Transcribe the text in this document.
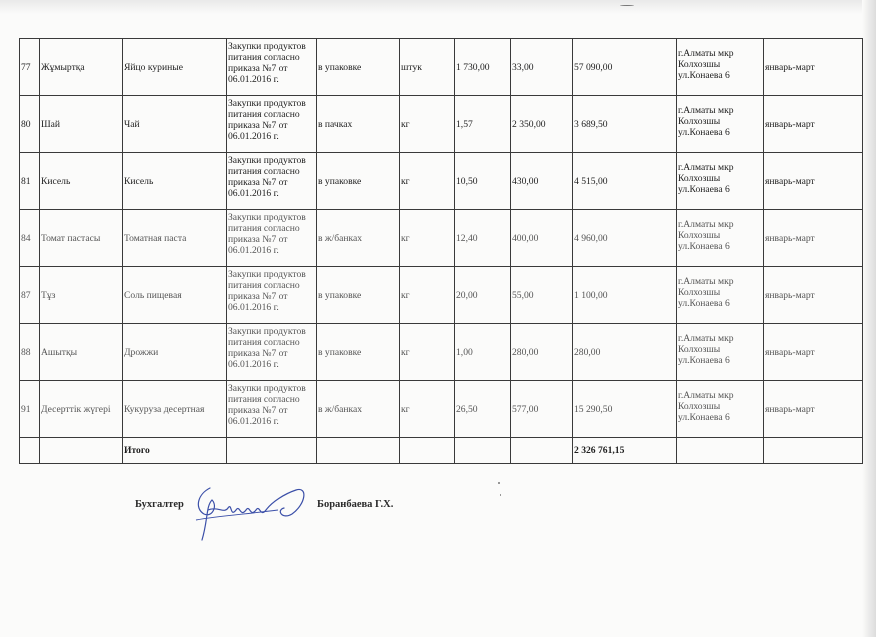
77	Жұмыртқа	Яйцо куриные	Закупки продуктов питания согласно приказа №7 от 06.01.2016 г.	в упаковке	штук	1 730,00	33,00	57 090,00	г.Алматы мкр Колхозшы ул.Конаева 6	январь-март
80	Шай	Чай	Закупки продуктов питания согласно приказа №7 от 06.01.2016 г.	в пачках	кг	1,57	2 350,00	3 689,50	г.Алматы мкр Колхозшы ул.Конаева 6	январь-март
81	Кисель	Кисель	Закупки продуктов питания согласно приказа №7 от 06.01.2016 г.	в упаковке	кг	10,50	430,00	4 515,00	г.Алматы мкр Колхозшы ул.Конаева 6	январь-март
84	Томат пастасы	Томатная паста	Закупки продуктов питания согласно приказа №7 от 06.01.2016 г.	в ж/банках	кг	12,40	400,00	4 960,00	г.Алматы мкр Колхозшы ул.Конаева 6	январь-март
87	Тұз	Соль пищевая	Закупки продуктов питания согласно приказа №7 от 06.01.2016 г.	в упаковке	кг	20,00	55,00	1 100,00	г.Алматы мкр Колхозшы ул.Конаева 6	январь-март
88	Ашытқы	Дрожжи	Закупки продуктов питания согласно приказа №7 от 06.01.2016 г.	в упаковке	кг	1,00	280,00	280,00	г.Алматы мкр Колхозшы ул.Конаева 6	январь-март
91	Десерттік жүгері	Кукуруза десертная	Закупки продуктов питания согласно приказа №7 от 06.01.2016 г.	в ж/банках	кг	26,50	577,00	15 290,50	г.Алматы мкр Колхозшы ул.Конаева 6	январь-март
		Итого						2 326 761,15		
Бухгалтер	Боранбаева Г.Х.
